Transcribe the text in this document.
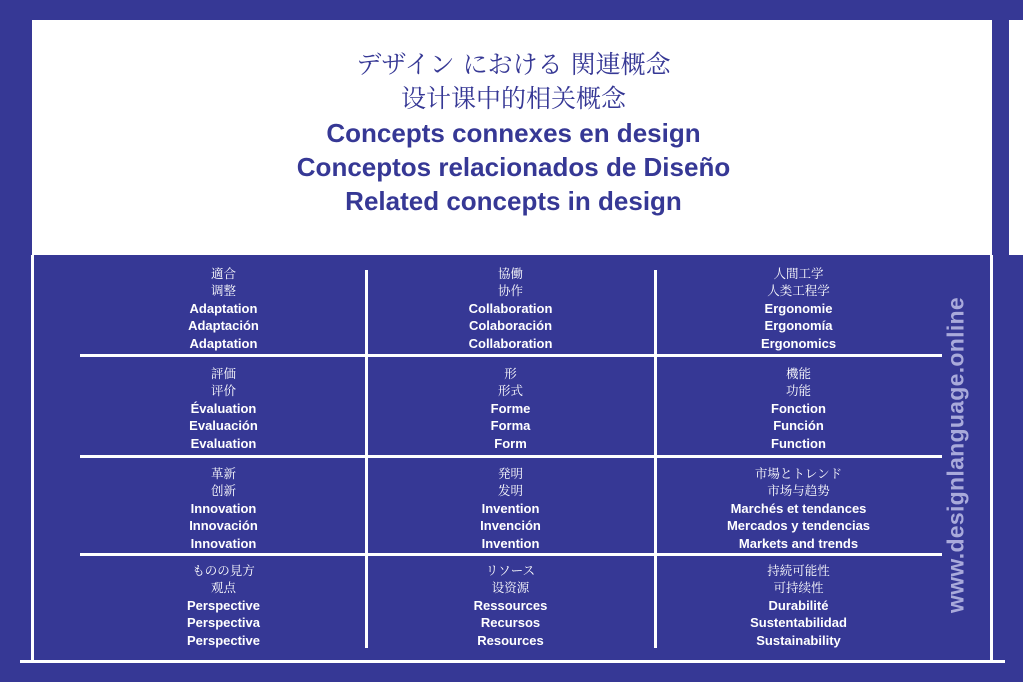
デザイン における 関連概念
设计课中的相关概念
Concepts connexes en design
Conceptos relacionados de Diseño
Related concepts in design
適合
调整
Adaptation
Adaptación
Adaptation
協働
协作
Collaboration
Colaboración
Collaboration
人間工学
人类工程学
Ergonomie
Ergonomía
Ergonomics
評価
评价
Évaluation
Evaluación
Evaluation
形
形式
Forme
Forma
Form
機能
功能
Fonction
Función
Function
革新
创新
Innovation
Innovación
Innovation
発明
发明
Invention
Invención
Invention
市場とトレンド
市场与趋势
Marchés et tendances
Mercados y tendencias
Markets and trends
ものの見方
观点
Perspective
Perspectiva
Perspective
リソース
设资源
Ressources
Recursos
Resources
持続可能性
可持续性
Durabilité
Sustentabilidad
Sustainability
www.designlanguage.online
